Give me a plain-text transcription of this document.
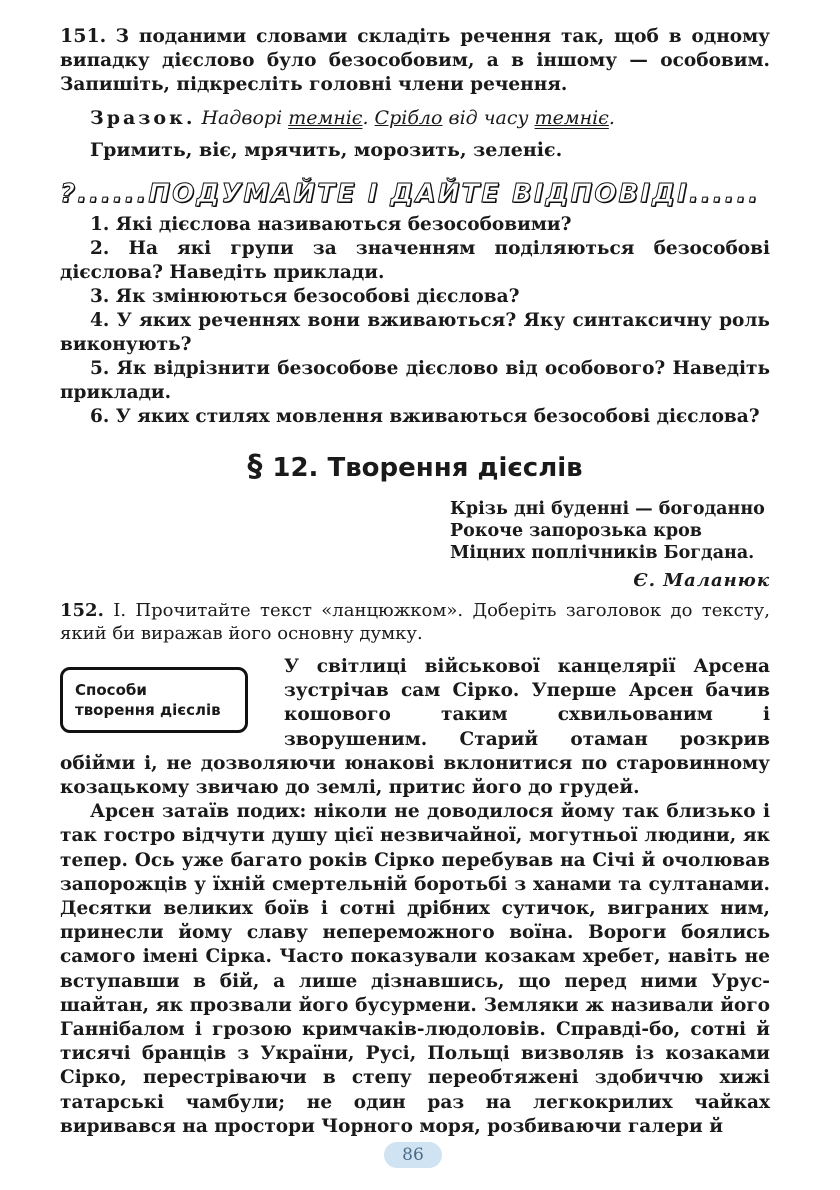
151. З поданими словами складіть речення так, щоб в одному випадку дієслово було безособовим, а в іншому — особовим. Запишіть, підкресліть головні члени речення.
Зразок. Надворі темніє. Срібло від часу темніє.
Гримить, віє, мрячить, морозить, зеленіє.
?......ПОДУМАЙТЕ І ДАЙТЕ ВІДПОВІДІ......

1. Які дієслова називаються безособовими?

2. На які групи за значенням поділяються безособові дієслова? Наведіть приклади.

3. Як змінюються безособові дієслова?

4. У яких реченнях вони вживаються? Яку синтаксичну роль виконують?

5. Як відрізнити безособове дієслово від особового? Наведіть приклади.

6. У яких стилях мовлення вживаються безособові дієслова?

§ 12. Творення дієслів
Крізь дні буденні — богоданно
Рокоче запорозька кров
Міцних поплічників Богдана.
Є. Маланюк
152. І. Прочитайте текст «ланцюжком». Доберіть заголовок до тексту, який би виражав його основну думку.
Способи
творення дієслів

У світлиці військової канцелярії Арсена зустрічав сам Сірко. Уперше Арсен бачив кошового таким схвильованим і зворушеним. Старий отаман розкрив обійми і, не дозволяючи юнакові вклонитися по старовинному козацькому звичаю до землі, притис його до грудей.

Арсен затаїв подих: ніколи не доводилося йому так близько і так гостро відчути душу цієї незвичайної, могутньої людини, як тепер. Ось уже багато років Сірко перебував на Січі й очолював запорожців у їхній смертельній боротьбі з ханами та султанами. Десятки великих боїв і сотні дрібних сутичок, виграних ним, принесли йому славу непереможного воїна. Вороги боялись самого імені Сірка. Часто показували козакам хребет, навіть не вступавши в бій, а лише дізнавшись, що перед ними Урус-шайтан, як прозвали його бусурмени. Земляки ж називали його Ганнібалом і грозою кримчаків-людоловів. Справді-бо, сотні й тисячі бранців з України, Русі, Польщі визволяв із козаками Сірко, перестріваючи в степу переобтяжені здобиччю хижі татарські чамбули; не один раз на легкокрилих чайках виривався на простори Чорного моря, розбиваючи галери й

86
